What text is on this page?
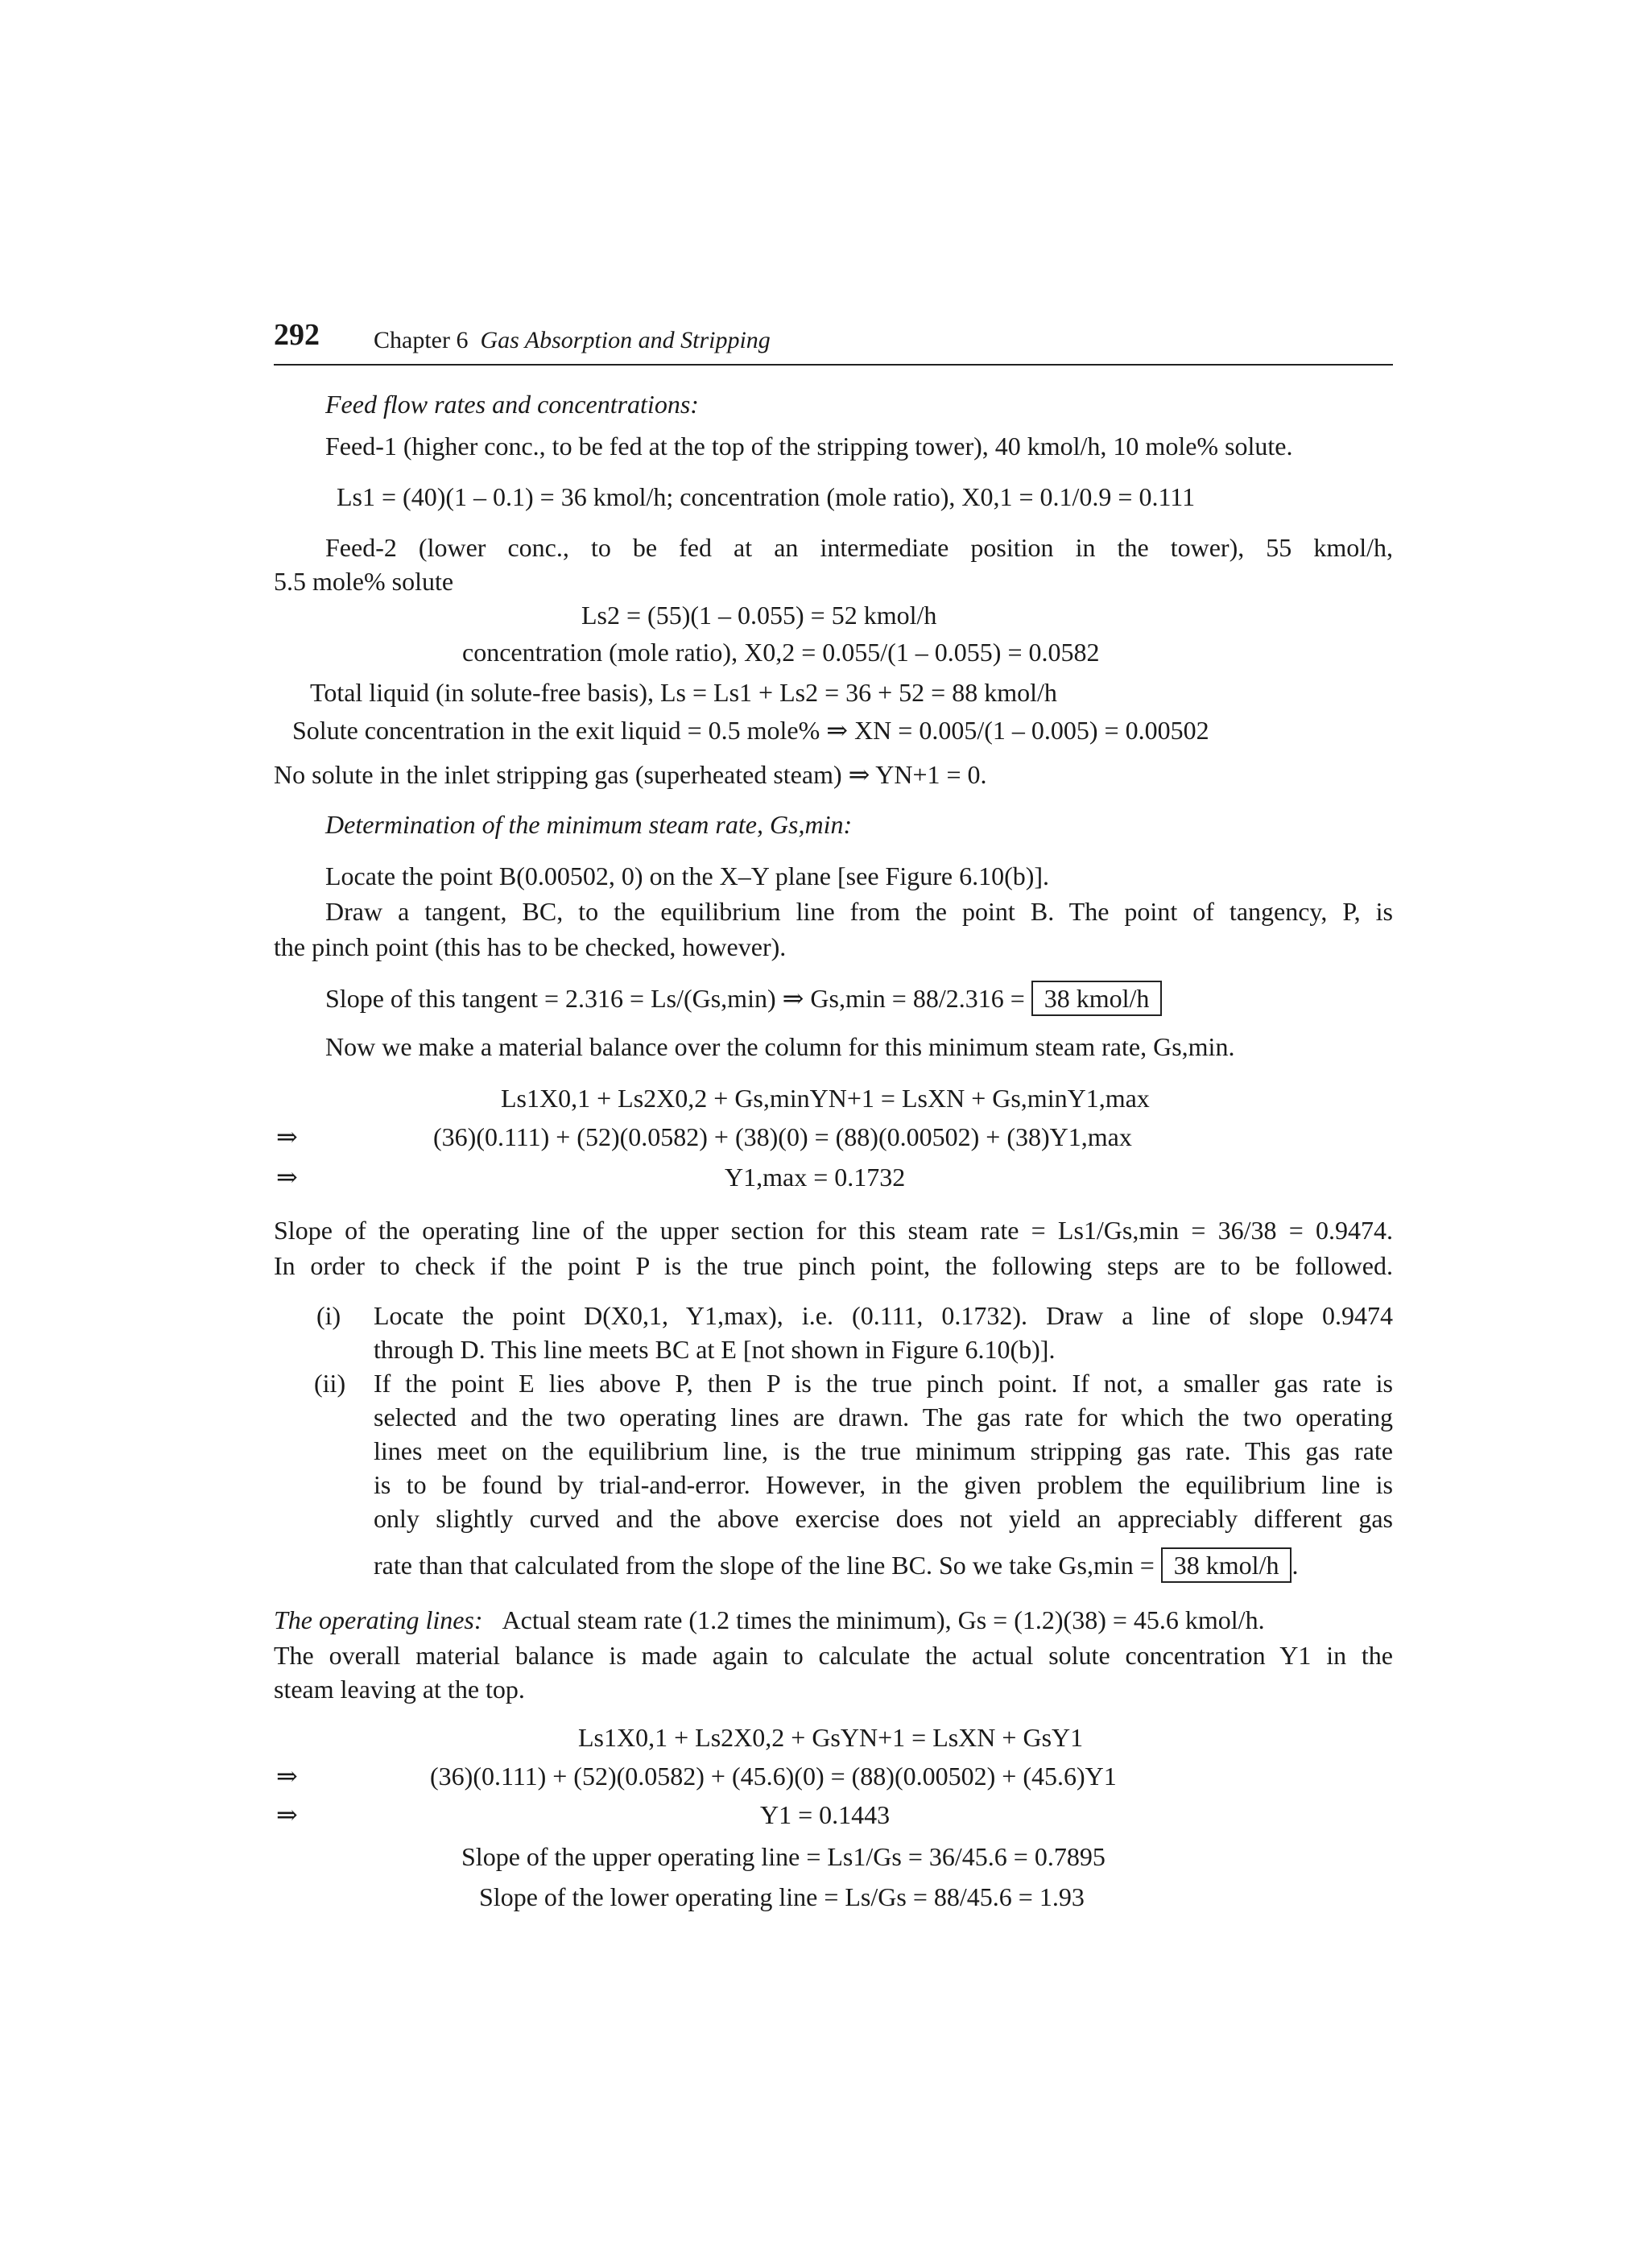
292 Chapter 6 Gas Absorption and Stripping
Feed flow rates and concentrations:
Feed-1 (higher conc., to be fed at the top of the stripping tower), 40 kmol/h, 10 mole% solute.
Ls1 = (40)(1 – 0.1) = 36 kmol/h; concentration (mole ratio), X0,1 = 0.1/0.9 = 0.111
Feed-2 (lower conc., to be fed at an intermediate position in the tower), 55 kmol/h,
5.5 mole% solute
Ls2 = (55)(1 – 0.055) = 52 kmol/h
concentration (mole ratio), X0,2 = 0.055/(1 – 0.055) = 0.0582
Total liquid (in solute-free basis), Ls = Ls1 + Ls2 = 36 + 52 = 88 kmol/h
Solute concentration in the exit liquid = 0.5 mole% ⇒ XN = 0.005/(1 – 0.005) = 0.00502
No solute in the inlet stripping gas (superheated steam) ⇒ YN+1 = 0.
Determination of the minimum steam rate, Gs,min:
Locate the point B(0.00502, 0) on the X–Y plane [see Figure 6.10(b)].
Draw a tangent, BC, to the equilibrium line from the point B. The point of tangency, P, is
the pinch point (this has to be checked, however).
Slope of this tangent = 2.316 = Ls/(Gs,min) ⇒ Gs,min = 88/2.316 = 38 kmol/h
Now we make a material balance over the column for this minimum steam rate, Gs,min.
Ls1X0,1 + Ls2X0,2 + Gs,minYN+1 = LsXN + Gs,minY1,max
⇒	(36)(0.111) + (52)(0.0582) + (38)(0) = (88)(0.00502) + (38)Y1,max
⇒	Y1,max = 0.1732
Slope of the operating line of the upper section for this steam rate = Ls1/Gs,min = 36/38 = 0.9474.
In order to check if the point P is the true pinch point, the following steps are to be followed.
(i) Locate the point D(X0,1, Y1,max), i.e. (0.111, 0.1732). Draw a line of slope 0.9474
through D. This line meets BC at E [not shown in Figure 6.10(b)].
(ii) If the point E lies above P, then P is the true pinch point. If not, a smaller gas rate is
selected and the two operating lines are drawn. The gas rate for which the two operating
lines meet on the equilibrium line, is the true minimum stripping gas rate. This gas rate
is to be found by trial-and-error. However, in the given problem the equilibrium line is
only slightly curved and the above exercise does not yield an appreciably different gas
rate than that calculated from the slope of the line BC. So we take Gs,min = 38 kmol/h .
The operating lines: Actual steam rate (1.2 times the minimum), Gs = (1.2)(38) = 45.6 kmol/h.
The overall material balance is made again to calculate the actual solute concentration Y1 in the
steam leaving at the top.
Ls1X0,1 + Ls2X0,2 + GsYN+1 = LsXN + GsY1
⇒	(36)(0.111) + (52)(0.0582) + (45.6)(0) = (88)(0.00502) + (45.6)Y1
⇒	Y1 = 0.1443
Slope of the upper operating line = Ls1/Gs = 36/45.6 = 0.7895
Slope of the lower operating line = Ls/Gs = 88/45.6 = 1.93
